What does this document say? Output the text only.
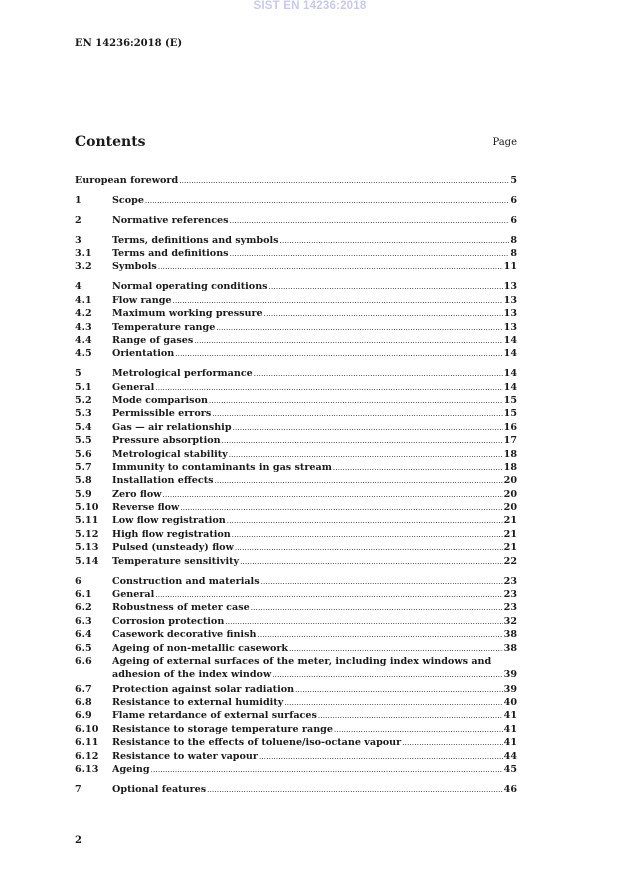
SIST EN 14236:2018
EN 14236:2018 (E)
Contents	Page
European foreword .....	5
1	Scope .....	6
2	Normative references .....	6
3	Terms, definitions and symbols .....	8
3.1	Terms and definitions .....	8
3.2	Symbols .....	11
4	Normal operating conditions .....	13
4.1	Flow range .....	13
4.2	Maximum working pressure .....	13
4.3	Temperature range .....	13
4.4	Range of gases .....	14
4.5	Orientation .....	14
5	Metrological performance .....	14
5.1	General .....	14
5.2	Mode comparison .....	15
5.3	Permissible errors .....	15
5.4	Gas — air relationship .....	16
5.5	Pressure absorption .....	17
5.6	Metrological stability .....	18
5.7	Immunity to contaminants in gas stream .....	18
5.8	Installation effects .....	20
5.9	Zero flow .....	20
5.10	Reverse flow .....	20
5.11	Low flow registration .....	21
5.12	High flow registration .....	21
5.13	Pulsed (unsteady) flow .....	21
5.14	Temperature sensitivity .....	22
6	Construction and materials .....	23
6.1	General .....	23
6.2	Robustness of meter case .....	23
6.3	Corrosion protection .....	32
6.4	Casework decorative finish .....	38
6.5	Ageing of non-metallic casework .....	38
6.6	Ageing of external surfaces of the meter, including index windows and
adhesion of the index window .....	39
6.7	Protection against solar radiation .....	39
6.8	Resistance to external humidity .....	40
6.9	Flame retardance of external surfaces .....	41
6.10	Resistance to storage temperature range .....	41
6.11	Resistance to the effects of toluene/iso-octane vapour .....	41
6.12	Resistance to water vapour .....	44
6.13	Ageing .....	45
7	Optional features .....	46
2
